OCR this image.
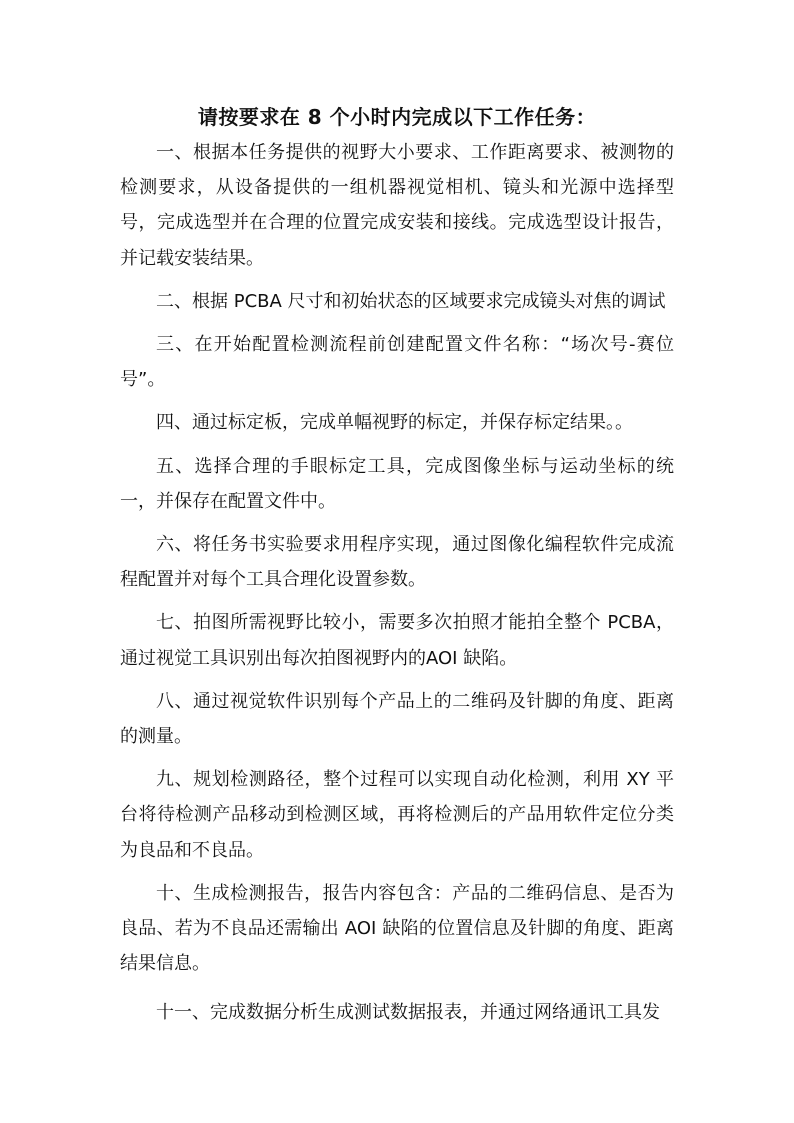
请按要求在 8 个小时内完成以下工作任务：
一、根据本任务提供的视野大小要求、工作距离要求、被测物的检测要求，从设备提供的一组机器视觉相机、镜头和光源中选择型号，完成选型并在合理的位置完成安装和接线。完成选型设计报告，并记载安装结果。
二、根据 PCBA 尺寸和初始状态的区域要求完成镜头对焦的调试
三、在开始配置检测流程前创建配置文件名称：“场次号-赛位号”。
四、通过标定板，完成单幅视野的标定，并保存标定结果。。
五、选择合理的手眼标定工具，完成图像坐标与运动坐标的统一，并保存在配置文件中。
六、将任务书实验要求用程序实现，通过图像化编程软件完成流程配置并对每个工具合理化设置参数。
七、拍图所需视野比较小，需要多次拍照才能拍全整个 PCBA，通过视觉工具识别出每次拍图视野内的AOI 缺陷。
八、通过视觉软件识别每个产品上的二维码及针脚的角度、距离的测量。
九、规划检测路径，整个过程可以实现自动化检测，利用 XY 平台将待检测产品移动到检测区域，再将检测后的产品用软件定位分类为良品和不良品。
十、生成检测报告，报告内容包含：产品的二维码信息、是否为良品、若为不良品还需输出 AOI 缺陷的位置信息及针脚的角度、距离结果信息。
十一、完成数据分析生成测试数据报表，并通过网络通讯工具发
